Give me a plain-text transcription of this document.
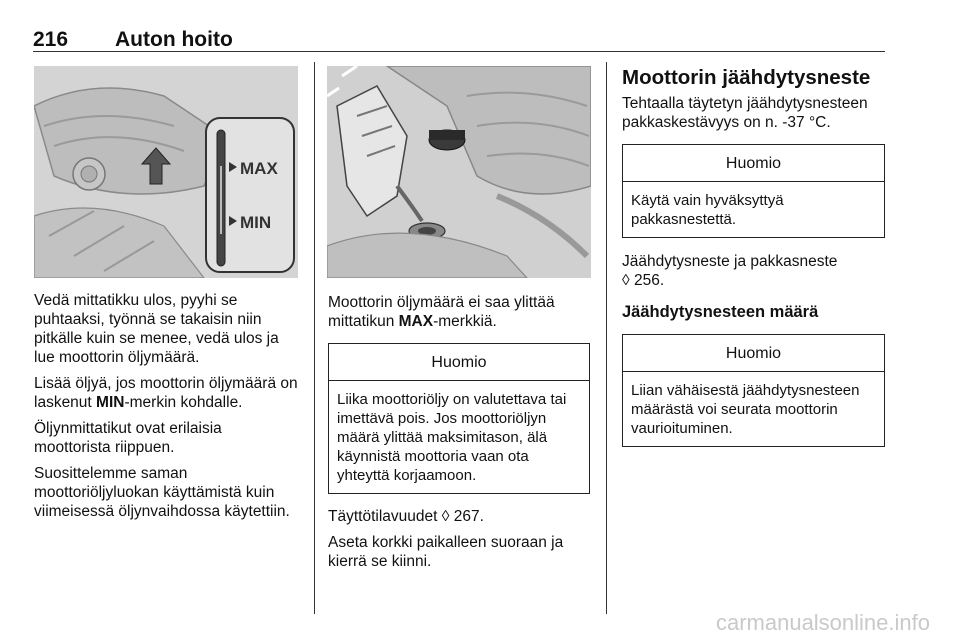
216 Auton hoito
MAX
MIN

Vedä mittatikku ulos, pyyhi se puhtaaksi, työnnä se takaisin niin pitkälle kuin se menee, vedä ulos ja lue moottorin öljymäärä.

Lisää öljyä, jos moottorin öljymäärä on laskenut MIN-merkin kohdalle.

Öljynmittatikut ovat erilaisia moottorista riippuen.

Suosittelemme saman moottoriöljyluokan käyttämistä kuin viimeisessä öljynvaihdossa käytettiin.

Moottorin öljymäärä ei saa ylittää mittatikun MAX-merkkiä.

Huomio
Liika moottoriöljy on valutettava tai imettävä pois. Jos moottoriöljyn määrä ylittää maksimitason, älä käynnistä moottoria vaan ota yhteyttä korjaamoon.

Täyttötilavuudet ◊ 267.

Aseta korkki paikalleen suoraan ja kierrä se kiinni.

Moottorin jäähdytysneste

Tehtaalla täytetyn jäähdytysnesteen pakkaskestävyys on n. -37 °C.

Huomio
Käytä vain hyväksyttyä pakkasnestettä.

Jäähdytysneste ja pakkasneste
◊ 256.

Jäähdytysnesteen määrä
Huomio
Liian vähäisestä jäähdytysnesteen määrästä voi seurata moottorin vaurioituminen.
carmanualsonline.info
